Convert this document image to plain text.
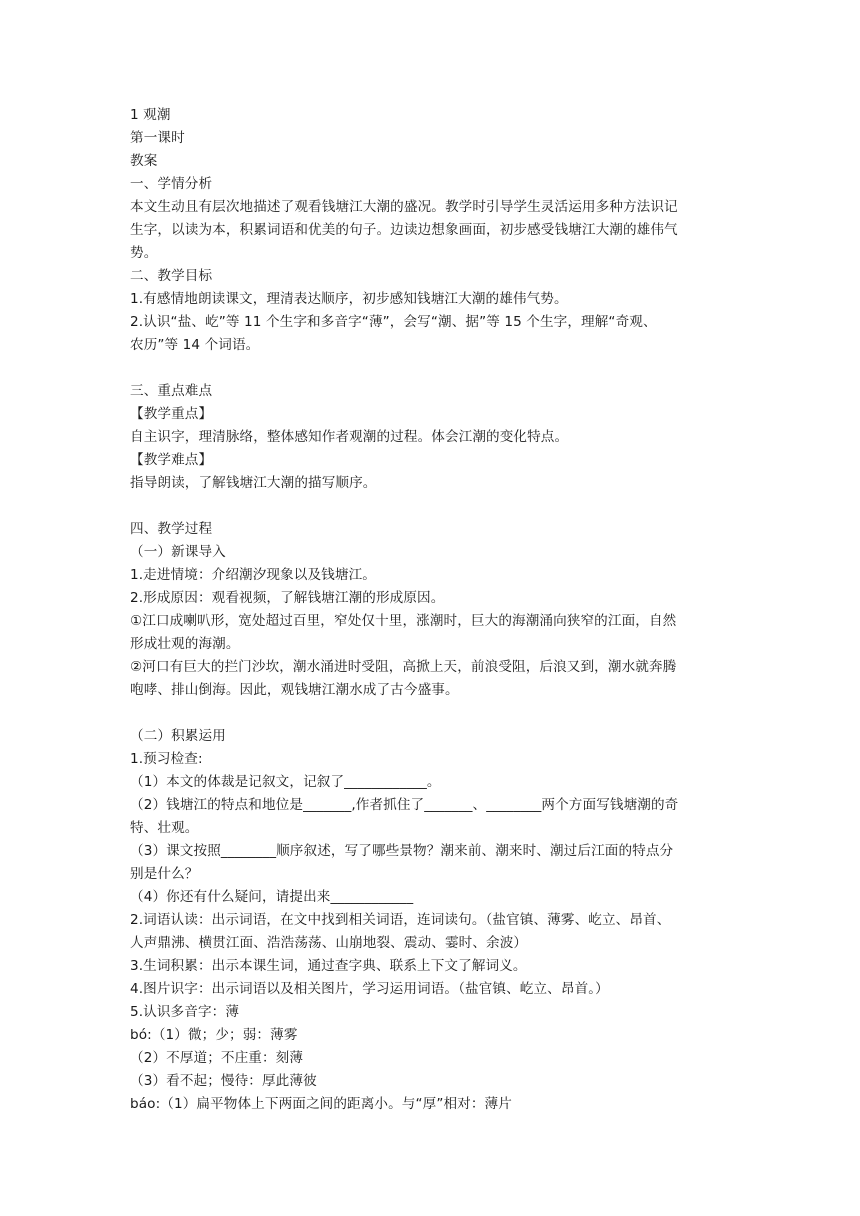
1 观潮
第一课时
教案
一、学情分析
本文生动且有层次地描述了观看钱塘江大潮的盛况。教学时引导学生灵活运用多种方法识记
生字，以读为本，积累词语和优美的句子。边读边想象画面，初步感受钱塘江大潮的雄伟气
势。
二、教学目标
1.有感情地朗读课文，理清表达顺序，初步感知钱塘江大潮的雄伟气势。
2.认识“盐、屹”等 11 个生字和多音字“薄”，会写“潮、据”等 15 个生字，理解“奇观、
农历”等 14 个词语。
三、重点难点
【教学重点】
自主识字，理清脉络，整体感知作者观潮的过程。体会江潮的变化特点。
【教学难点】
指导朗读，了解钱塘江大潮的描写顺序。
四、教学过程
（一）新课导入
1.走进情境：介绍潮汐现象以及钱塘江。
2.形成原因：观看视频，了解钱塘江潮的形成原因。
①江口成喇叭形，宽处超过百里，窄处仅十里，涨潮时，巨大的海潮涌向狭窄的江面，自然
形成壮观的海潮。
②河口有巨大的拦门沙坎，潮水涌进时受阻，高掀上天，前浪受阻，后浪又到，潮水就奔腾
咆哮、排山倒海。因此，观钱塘江潮水成了古今盛事。
（二）积累运用
1.预习检查:
（1）本文的体裁是记叙文，记叙了____________。
（2）钱塘江的特点和地位是_______,作者抓住了_______、________两个方面写钱塘潮的奇
特、壮观。
（3）课文按照________顺序叙述，写了哪些景物？潮来前、潮来时、潮过后江面的特点分
别是什么？
（4）你还有什么疑问，请提出来____________
2.词语认读：出示词语，在文中找到相关词语，连词读句。（盐官镇、薄雾、屹立、昂首、
人声鼎沸、横贯江面、浩浩荡荡、山崩地裂、震动、霎时、余波）
3.生词积累：出示本课生词，通过查字典、联系上下文了解词义。
4.图片识字：出示词语以及相关图片，学习运用词语。（盐官镇、屹立、昂首。）
5.认识多音字：薄
bó:（1）微；少；弱：薄雾
（2）不厚道；不庄重：刻薄
（3）看不起；慢待：厚此薄彼
báo:（1）扁平物体上下两面之间的距离小。与“厚”相对：薄片
